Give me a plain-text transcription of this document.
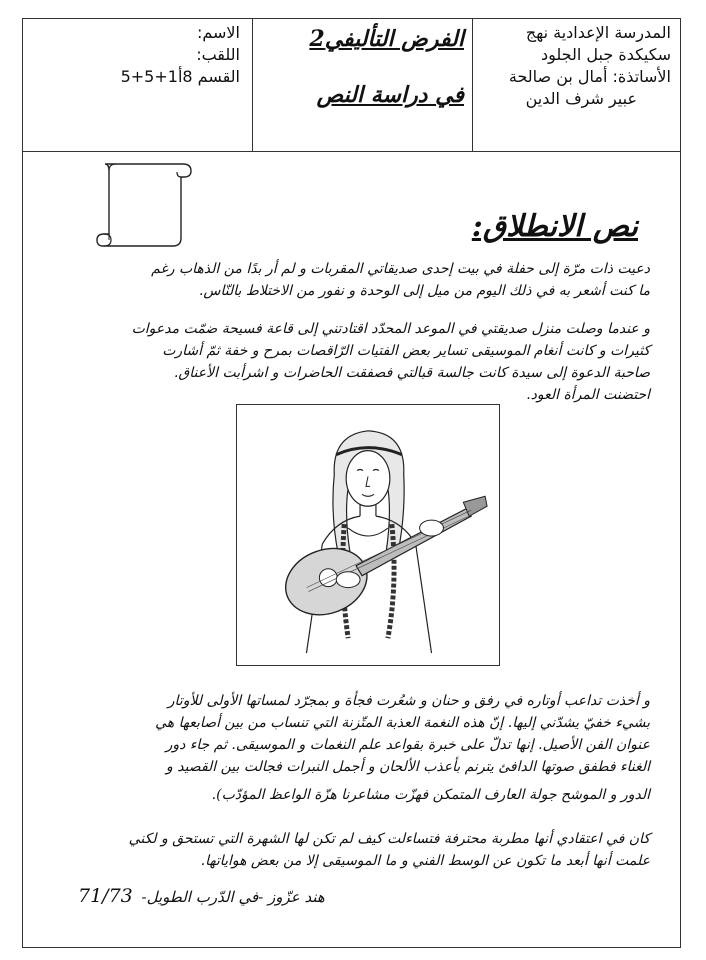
المدرسة الإعدادية نهج
سكيكدة جبل الجلود
الأساتذة: أمال بن صالحة
عبير شرف الدين
الفرض التأليفي2
في دراسة النص
الاسم:
اللقب:
القسم 8أ1+5+5
نص الانطلاق:
دعيت ذات مرّة إلى حفلة في بيت إحدى صديقاتي المقربات و لم أر بدًا من الذهاب رغم
ما كنت أشعر به في ذلك اليوم من ميل إلى الوحدة و نفور من الاختلاط بالنّاس.
و عندما وصلت منزل صديقتي في الموعد المحدّد اقتادتني إلى قاعة فسيحة ضمّت مدعوات
كثيرات و كانت أنغام الموسيقى تساير بعض الفتيات الرّاقصات بمرح و خفة ثمّ أشارت
صاحبة الدعوة إلى سيدة كانت جالسة قبالتي فصفقت الحاضرات و اشرأبت الأعناق.
احتضنت المرأة العود.
و أخذت تداعب أوتاره في رفق و حنان و شعُرت فجأة و بمجرّد لمساتها الأولى للأوتار
بشيء خفيّ يشدّني إليها. إنّ هذه النغمة العذبة المتّزنة التي تنساب من بين أصابعها هي
عنوان الفن الأصيل. إنها تدلّ على خبرة بقواعد علم النغمات و الموسيقى. ثم جاء دور
الغناء فطفق صوتها الدافئ يترنم بأعذب الألحان و أجمل النبرات فجالت بين القصيد و
الدور و الموشح جولة العارف المتمكن فهزّت مشاعرنا هزّة الواعظ المؤدّب).
كان في اعتقادي أنها مطربة محترفة فتساءلت كيف لم تكن لها الشهرة التي تستحق و لكني
علمت أنها أبعد ما تكون عن الوسط الفني و ما الموسيقى إلا من بعض هواياتها.
هند عزّوز -في الدّرب الطويل- 71/73
